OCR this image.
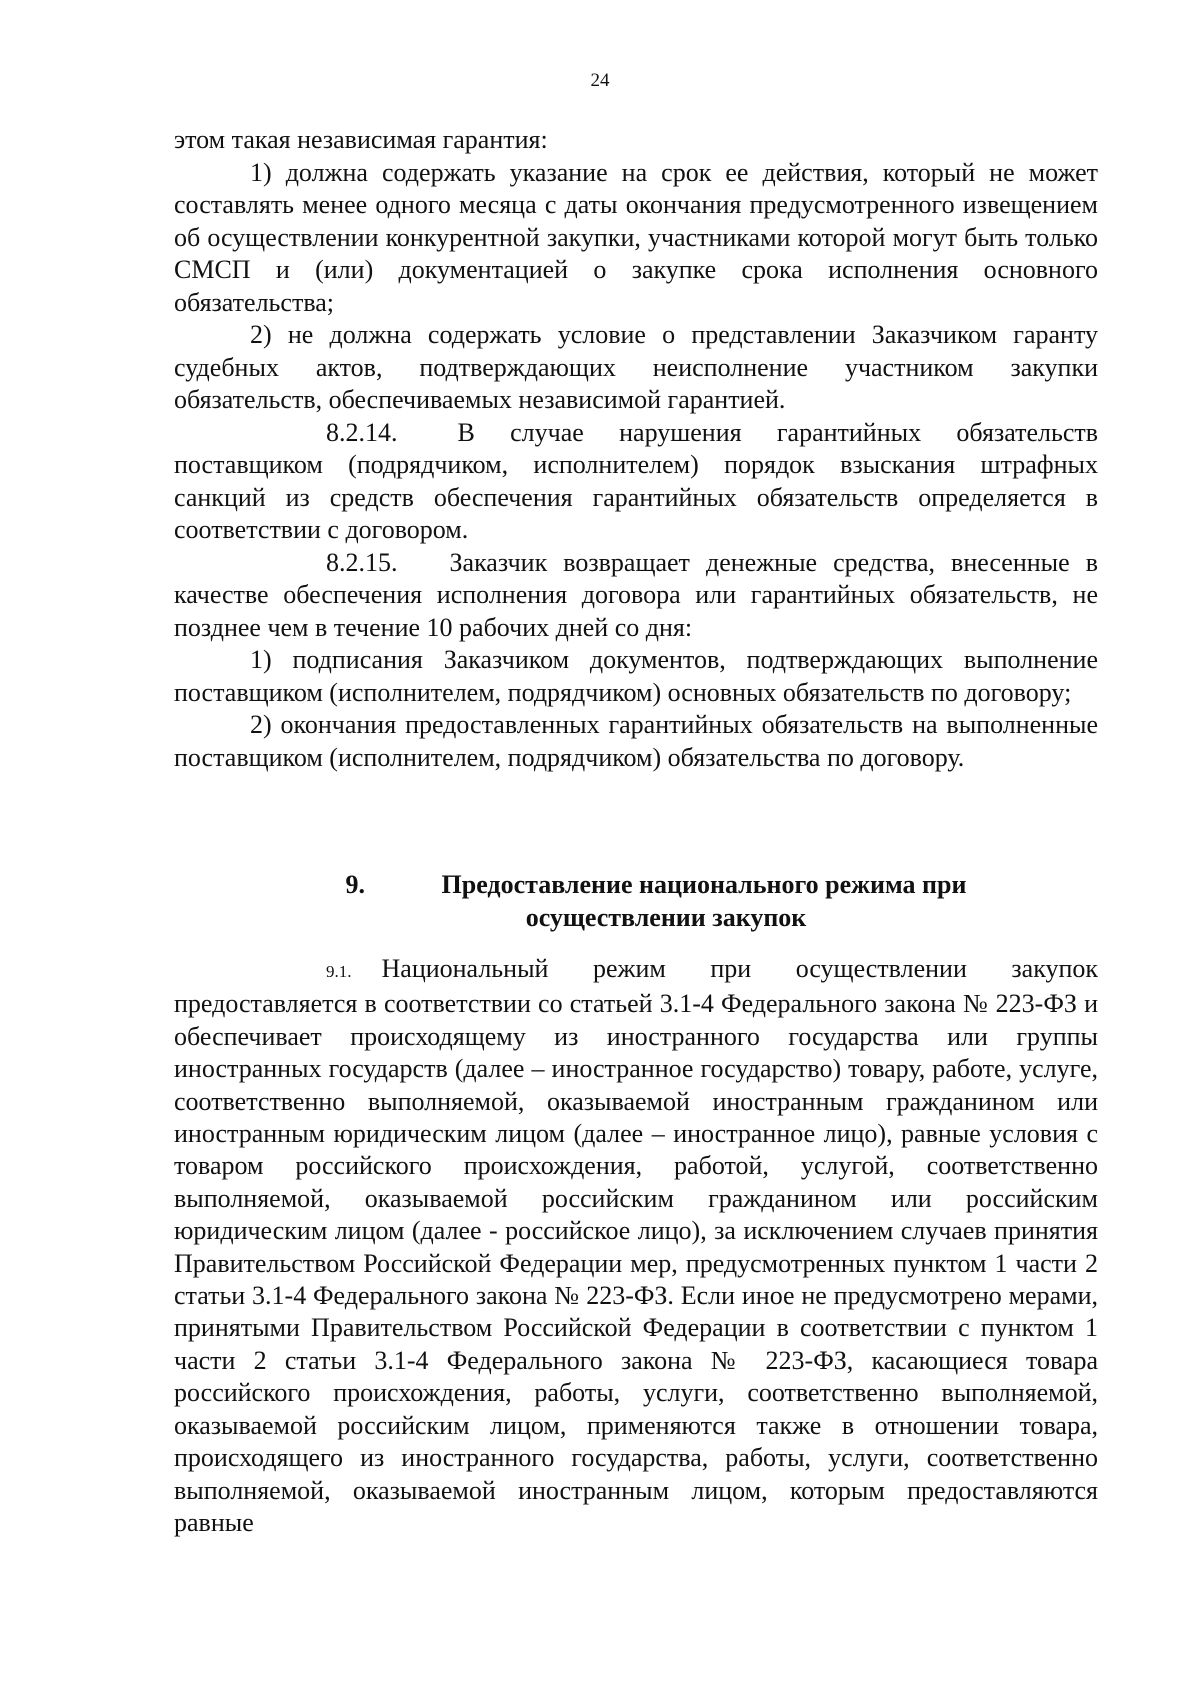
24

этом такая независимая гарантия:

1) должна содержать указание на срок ее действия, который не может составлять менее одного месяца с даты окончания предусмотренного извещением об осуществлении конкурентной закупки, участниками которой могут быть только СМСП и (или) документацией о закупке срока исполнения основного обязательства;

2) не должна содержать условие о представлении Заказчиком гаранту судебных актов, подтверждающих неисполнение участником закупки обязательств, обеспечиваемых независимой гарантией.

8.2.14. В случае нарушения гарантийных обязательств поставщиком (подрядчиком, исполнителем) порядок взыскания штрафных санкций из средств обеспечения гарантийных обязательств определяется в соответствии с договором.

8.2.15. Заказчик возвращает денежные средства, внесенные в качестве обеспечения исполнения договора или гарантийных обязательств, не позднее чем в течение 10 рабочих дней со дня:

1) подписания Заказчиком документов, подтверждающих выполнение поставщиком (исполнителем, подрядчиком) основных обязательств по договору;

2) окончания предоставленных гарантийных обязательств на выполненные поставщиком (исполнителем, подрядчиком) обязательства по договору.

9.	Предоставление национального режима при
осуществлении закупок

9.1. Национальный режим при осуществлении закупок предоставляется в соответствии со статьей 3.1-4 Федерального закона № 223-ФЗ и обеспечивает происходящему из иностранного государства или группы иностранных государств (далее – иностранное государство) товару, работе, услуге, соответственно выполняемой, оказываемой иностранным гражданином или иностранным юридическим лицом (далее – иностранное лицо), равные условия с товаром российского происхождения, работой, услугой, соответственно выполняемой, оказываемой российским гражданином или российским юридическим лицом (далее - российское лицо), за исключением случаев принятия Правительством Российской Федерации мер, предусмотренных пунктом 1 части 2 статьи 3.1-4 Федерального закона № 223-ФЗ. Если иное не предусмотрено мерами, принятыми Правительством Российской Федерации в соответствии с пунктом 1 части 2 статьи 3.1-4 Федерального закона № 223-ФЗ, касающиеся товара российского происхождения, работы, услуги, соответственно выполняемой, оказываемой российским лицом, применяются также в отношении товара, происходящего из иностранного государства, работы, услуги, соответственно выполняемой, оказываемой иностранным лицом, которым предоставляются равные
